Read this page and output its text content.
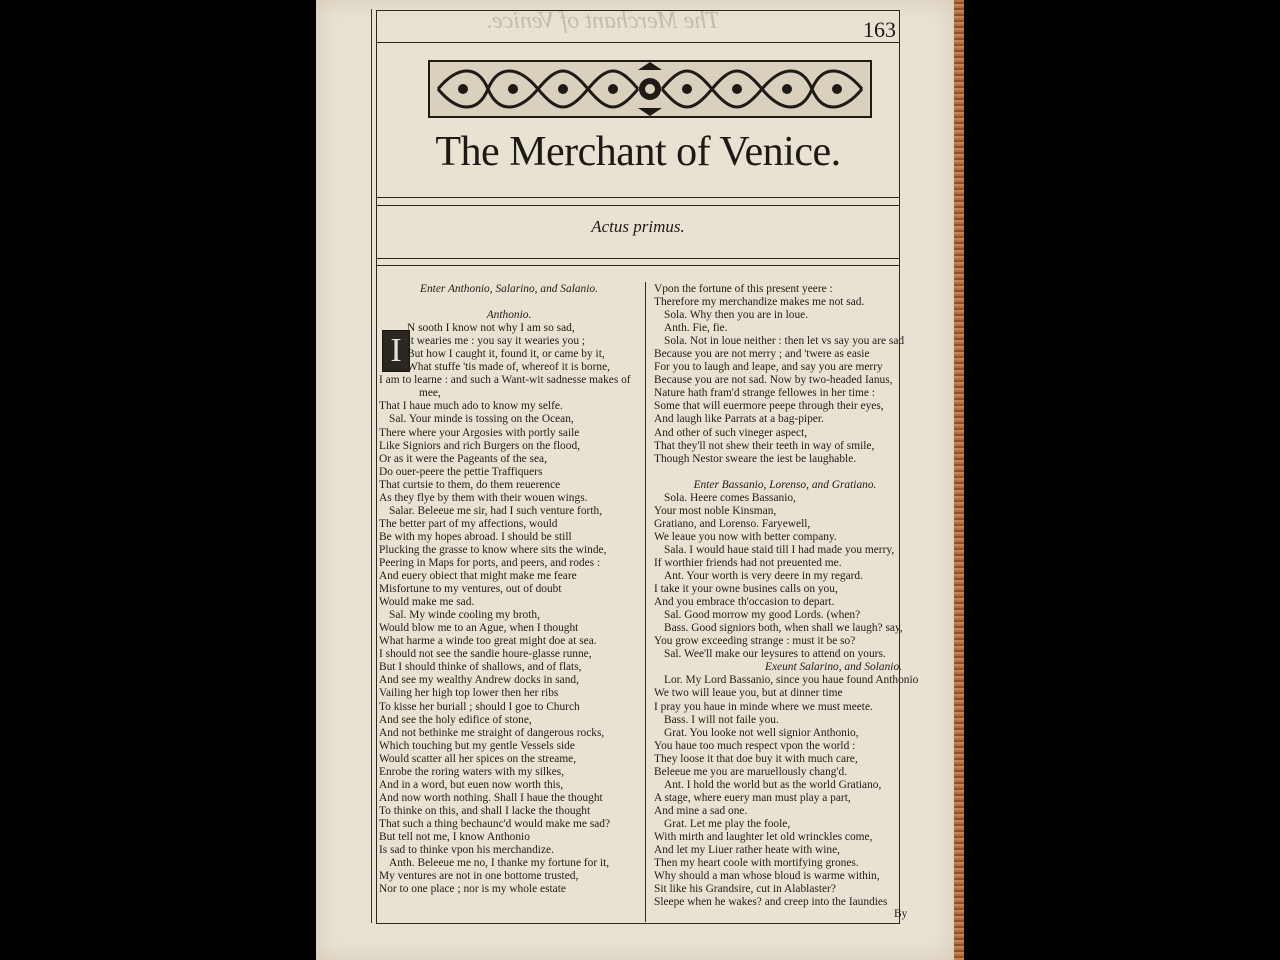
The Merchant of Venice.	163
The Merchant of Venice.
Actus primus.
I
Enter Anthonio, Salarino, and Salanio.
Anthonio.
N sooth I know not why I am so sad,
It wearies me : you say it wearies you ;
But how I caught it, found it, or came by it,
What stuffe 'tis made of, whereof it is borne,
I am to learne : and such a Want-wit sadnesse makes of
mee,
That I haue much ado to know my selfe.
Sal. Your minde is tossing on the Ocean,
There where your Argosies with portly saile
Like Signiors and rich Burgers on the flood,
Or as it were the Pageants of the sea,
Do ouer-peere the pettie Traffiquers
That curtsie to them, do them reuerence
As they flye by them with their wouen wings.
Salar. Beleeue me sir, had I such venture forth,
The better part of my affections, would
Be with my hopes abroad. I should be still
Plucking the grasse to know where sits the winde,
Peering in Maps for ports, and peers, and rodes :
And euery obiect that might make me feare
Misfortune to my ventures, out of doubt
Would make me sad.
Sal. My winde cooling my broth,
Would blow me to an Ague, when I thought
What harme a winde too great might doe at sea.
I should not see the sandie houre-glasse runne,
But I should thinke of shallows, and of flats,
And see my wealthy Andrew docks in sand,
Vailing her high top lower then her ribs
To kisse her buriall ; should I goe to Church
And see the holy edifice of stone,
And not bethinke me straight of dangerous rocks,
Which touching but my gentle Vessels side
Would scatter all her spices on the streame,
Enrobe the roring waters with my silkes,
And in a word, but euen now worth this,
And now worth nothing. Shall I haue the thought
To thinke on this, and shall I lacke the thought
That such a thing bechaunc'd would make me sad?
But tell not me, I know Anthonio
Is sad to thinke vpon his merchandize.
Anth. Beleeue me no, I thanke my fortune for it,
My ventures are not in one bottome trusted,
Nor to one place ; nor is my whole estate
Vpon the fortune of this present yeere :
Therefore my merchandize makes me not sad.
Sola. Why then you are in loue.
Anth. Fie, fie.
Sola. Not in loue neither : then let vs say you are sad
Because you are not merry ; and 'twere as easie
For you to laugh and leape, and say you are merry
Because you are not sad. Now by two-headed Ianus,
Nature hath fram'd strange fellowes in her time :
Some that will euermore peepe through their eyes,
And laugh like Parrats at a bag-piper.
And other of such vineger aspect,
That they'll not shew their teeth in way of smile,
Though Nestor sweare the iest be laughable.
Enter Bassanio, Lorenso, and Gratiano.
Sola. Heere comes Bassanio,
Your most noble Kinsman,
Gratiano, and Lorenso. Faryewell,
We leaue you now with better company.
Sala. I would haue staid till I had made you merry,
If worthier friends had not preuented me.
Ant. Your worth is very deere in my regard.
I take it your owne busines calls on you,
And you embrace th'occasion to depart.
Sal. Good morrow my good Lords. (when?
Bass. Good signiors both, when shall we laugh? say,
You grow exceeding strange : must it be so?
Sal. Wee'll make our leysures to attend on yours.
Exeunt Salarino, and Solanio.
Lor. My Lord Bassanio, since you haue found Anthonio
We two will leaue you, but at dinner time
I pray you haue in minde where we must meete.
Bass. I will not faile you.
Grat. You looke not well signior Anthonio,
You haue too much respect vpon the world :
They loose it that doe buy it with much care,
Beleeue me you are maruellously chang'd.
Ant. I hold the world but as the world Gratiano,
A stage, where euery man must play a part,
And mine a sad one.
Grat. Let me play the foole,
With mirth and laughter let old wrinckles come,
And let my Liuer rather heate with wine,
Then my heart coole with mortifying grones.
Why should a man whose bloud is warme within,
Sit like his Grandsire, cut in Alablaster?
Sleepe when he wakes? and creep into the Iaundies
By
